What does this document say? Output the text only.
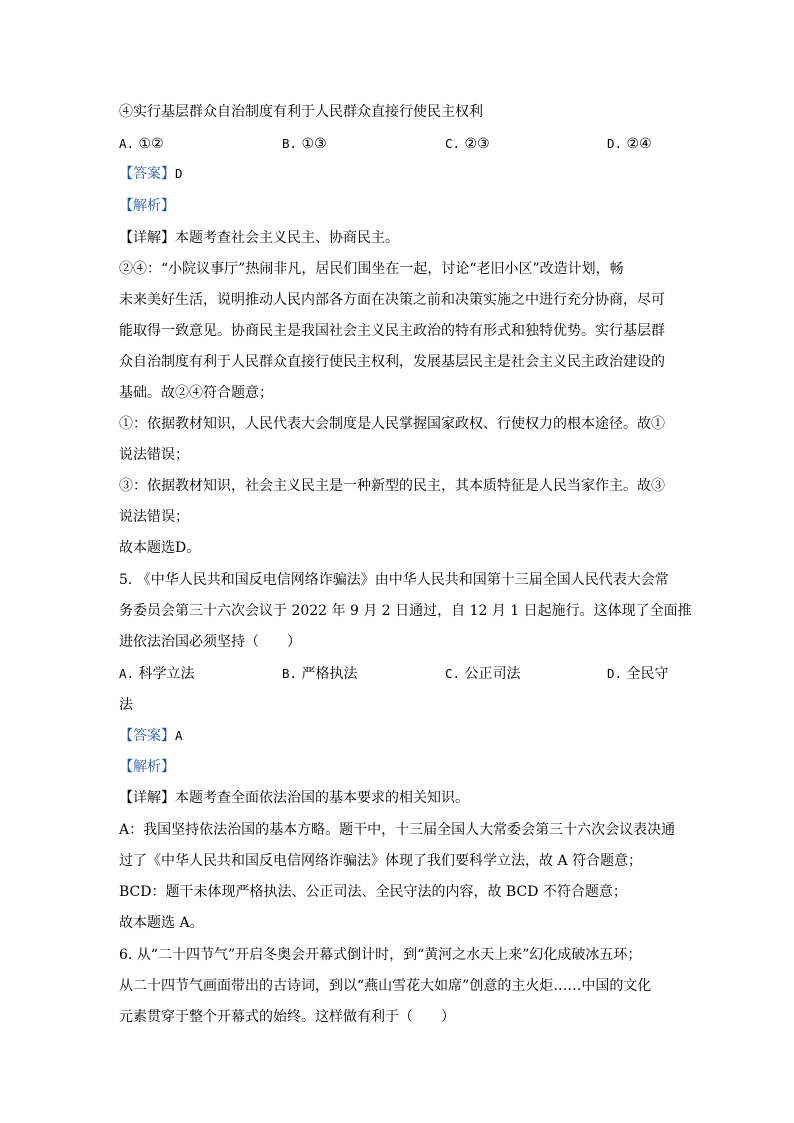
④实行基层群众自治制度有利于人民群众直接行使民主权利
A. ①②	B. ①③	C. ②③	D. ②④
【答案】D
【解析】
【详解】本题考查社会主义民主、协商民主。
②④：“小院议事厅”热闹非凡，居民们围坐在一起，讨论“老旧小区”改造计划，畅
未来美好生活，说明推动人民内部各方面在决策之前和决策实施之中进行充分协商，尽可
能取得一致意见。协商民主是我国社会主义民主政治的特有形式和独特优势。实行基层群
众自治制度有利于人民群众直接行使民主权利，发展基层民主是社会主义民主政治建设的
基础。故②④符合题意；
①：依据教材知识，人民代表大会制度是人民掌握国家政权、行使权力的根本途径。故①
说法错误；
③：依据教材知识，社会主义民主是一种新型的民主，其本质特征是人民当家作主。故③
说法错误；
故本题选D。
5. 《中华人民共和国反电信网络诈骗法》由中华人民共和国第十三届全国人民代表大会常
务委员会第三十六次会议于 2022 年 9 月 2 日通过，自 12 月 1 日起施行。这体现了全面推
进依法治国必须坚持（　　）
A. 科学立法	B. 严格执法	C. 公正司法	D. 全民守
法
【答案】A
【解析】
【详解】本题考查全面依法治国的基本要求的相关知识。
A：我国坚持依法治国的基本方略。题干中，十三届全国人大常委会第三十六次会议表决通
过了《中华人民共和国反电信网络诈骗法》体现了我们要科学立法，故 A 符合题意；
BCD：题干未体现严格执法、公正司法、全民守法的内容，故 BCD 不符合题意；
故本题选 A。
6. 从“二十四节气”开启冬奥会开幕式倒计时，到“黄河之水天上来”幻化成破冰五环；
从二十四节气画面带出的古诗词，到以“燕山雪花大如席”创意的主火炬……中国的文化
元素贯穿于整个开幕式的始终。这样做有利于（　　）
